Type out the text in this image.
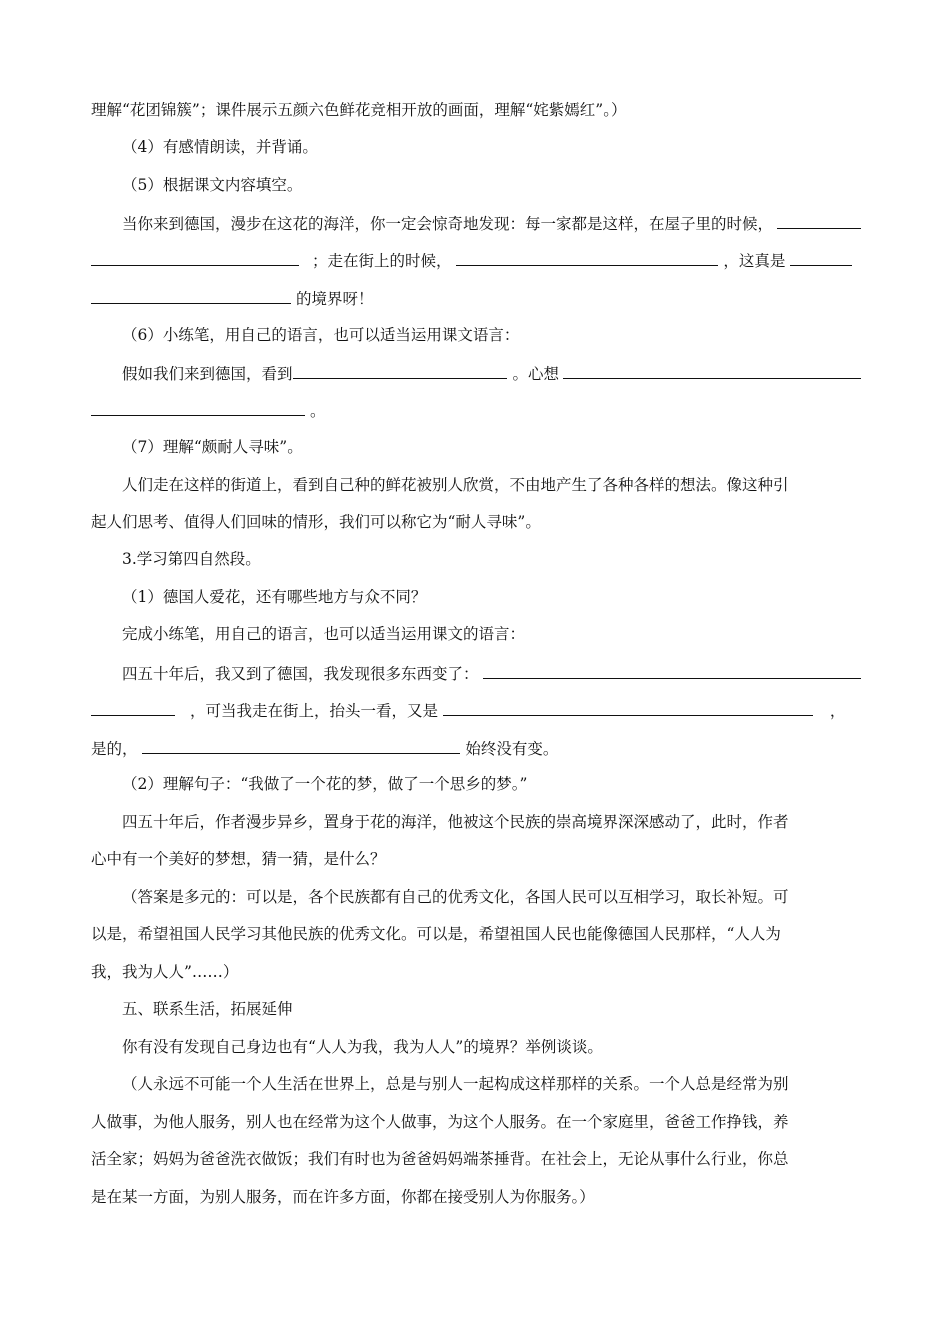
理解“花团锦簇”；课件展示五颜六色鲜花竞相开放的画面，理解“姹紫嫣红”。）
（4）有感情朗读，并背诵。
（5）根据课文内容填空。
当你来到德国，漫步在这花的海洋，你一定会惊奇地发现：每一家都是这样，在屋子里的时候，
；走在街上的时候，	，这真是
的境界呀！
（6）小练笔，用自己的语言，也可以适当运用课文语言：
假如我们来到德国，看到	。心想
。
（7）理解“颇耐人寻味”。
人们走在这样的街道上，看到自己种的鲜花被别人欣赏，不由地产生了各种各样的想法。像这种引
起人们思考、值得人们回味的情形，我们可以称它为“耐人寻味”。
3.学习第四自然段。
（1）德国人爱花，还有哪些地方与众不同？
完成小练笔，用自己的语言，也可以适当运用课文的语言：
四五十年后，我又到了德国，我发现很多东西变了：
，可当我走在街上，抬头一看，又是	，
是的，	始终没有变。
（2）理解句子：“我做了一个花的梦，做了一个思乡的梦。”
四五十年后，作者漫步异乡，置身于花的海洋，他被这个民族的崇高境界深深感动了，此时，作者
心中有一个美好的梦想，猜一猜，是什么？
（答案是多元的：可以是，各个民族都有自己的优秀文化，各国人民可以互相学习，取长补短。可
以是，希望祖国人民学习其他民族的优秀文化。可以是，希望祖国人民也能像德国人民那样，“人人为
我，我为人人”……）
五、联系生活，拓展延伸
你有没有发现自己身边也有“人人为我，我为人人”的境界？举例谈谈。
（人永远不可能一个人生活在世界上，总是与别人一起构成这样那样的关系。一个人总是经常为别
人做事，为他人服务，别人也在经常为这个人做事，为这个人服务。在一个家庭里，爸爸工作挣钱，养
活全家；妈妈为爸爸洗衣做饭；我们有时也为爸爸妈妈端茶捶背。在社会上，无论从事什么行业，你总
是在某一方面，为别人服务，而在许多方面，你都在接受别人为你服务。）
